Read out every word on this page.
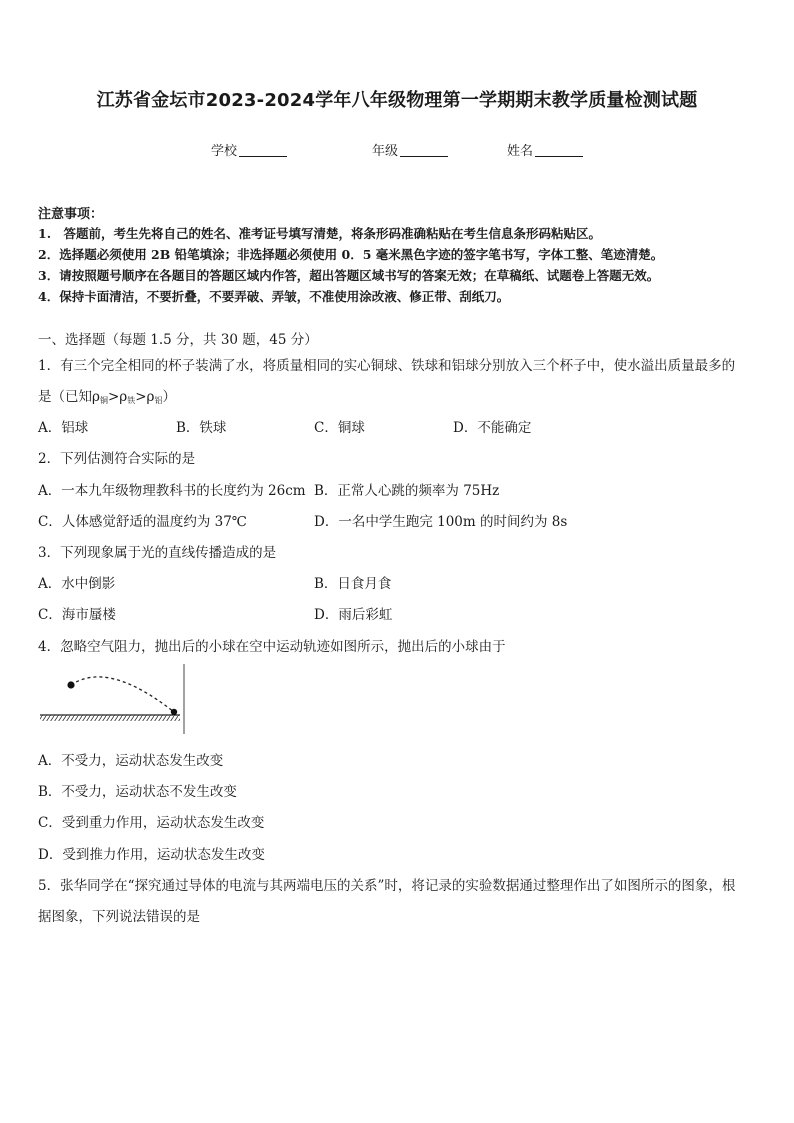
江苏省金坛市2023-2024学年八年级物理第一学期期末教学质量检测试题
学校	年级	姓名
注意事项：
1.　答题前，考生先将自己的姓名、准考证号填写清楚，将条形码准确粘贴在考生信息条形码粘贴区。
2．选择题必须使用 2B 铅笔填涂；非选择题必须使用 0．5 毫米黑色字迹的签字笔书写，字体工整、笔迹清楚。
3．请按照题号顺序在各题目的答题区域内作答，超出答题区域书写的答案无效；在草稿纸、试题卷上答题无效。
4．保持卡面清洁，不要折叠，不要弄破、弄皱，不准使用涂改液、修正带、刮纸刀。
一、选择题（每题 1.5 分，共 30 题，45 分）
1．有三个完全相同的杯子装满了水，将质量相同的实心铜球、铁球和铝球分别放入三个杯子中，使水溢出质量最多的
是（已知$\rho_铜>\rho_铁>\rho_铝$）
A．铝球	B．铁球	C．铜球	D．不能确定
2．下列估测符合实际的是
A．一本九年级物理教科书的长度约为 26cm B．正常人心跳的频率为 75Hz
C．人体感觉舒适的温度约为 37℃	D．一名中学生跑完 100m 的时间约为 8s
3．下列现象属于光的直线传播造成的是
A．水中倒影	B．日食月食
C．海市蜃楼	D．雨后彩虹
4．忽略空气阻力，抛出后的小球在空中运动轨迹如图所示，抛出后的小球由于
A．不受力，运动状态发生改变
B．不受力，运动状态不发生改变
C．受到重力作用，运动状态发生改变
D．受到推力作用，运动状态发生改变
5．张华同学在“探究通过导体的电流与其两端电压的关系”时，将记录的实验数据通过整理作出了如图所示的图象，根
据图象，下列说法错误的是
